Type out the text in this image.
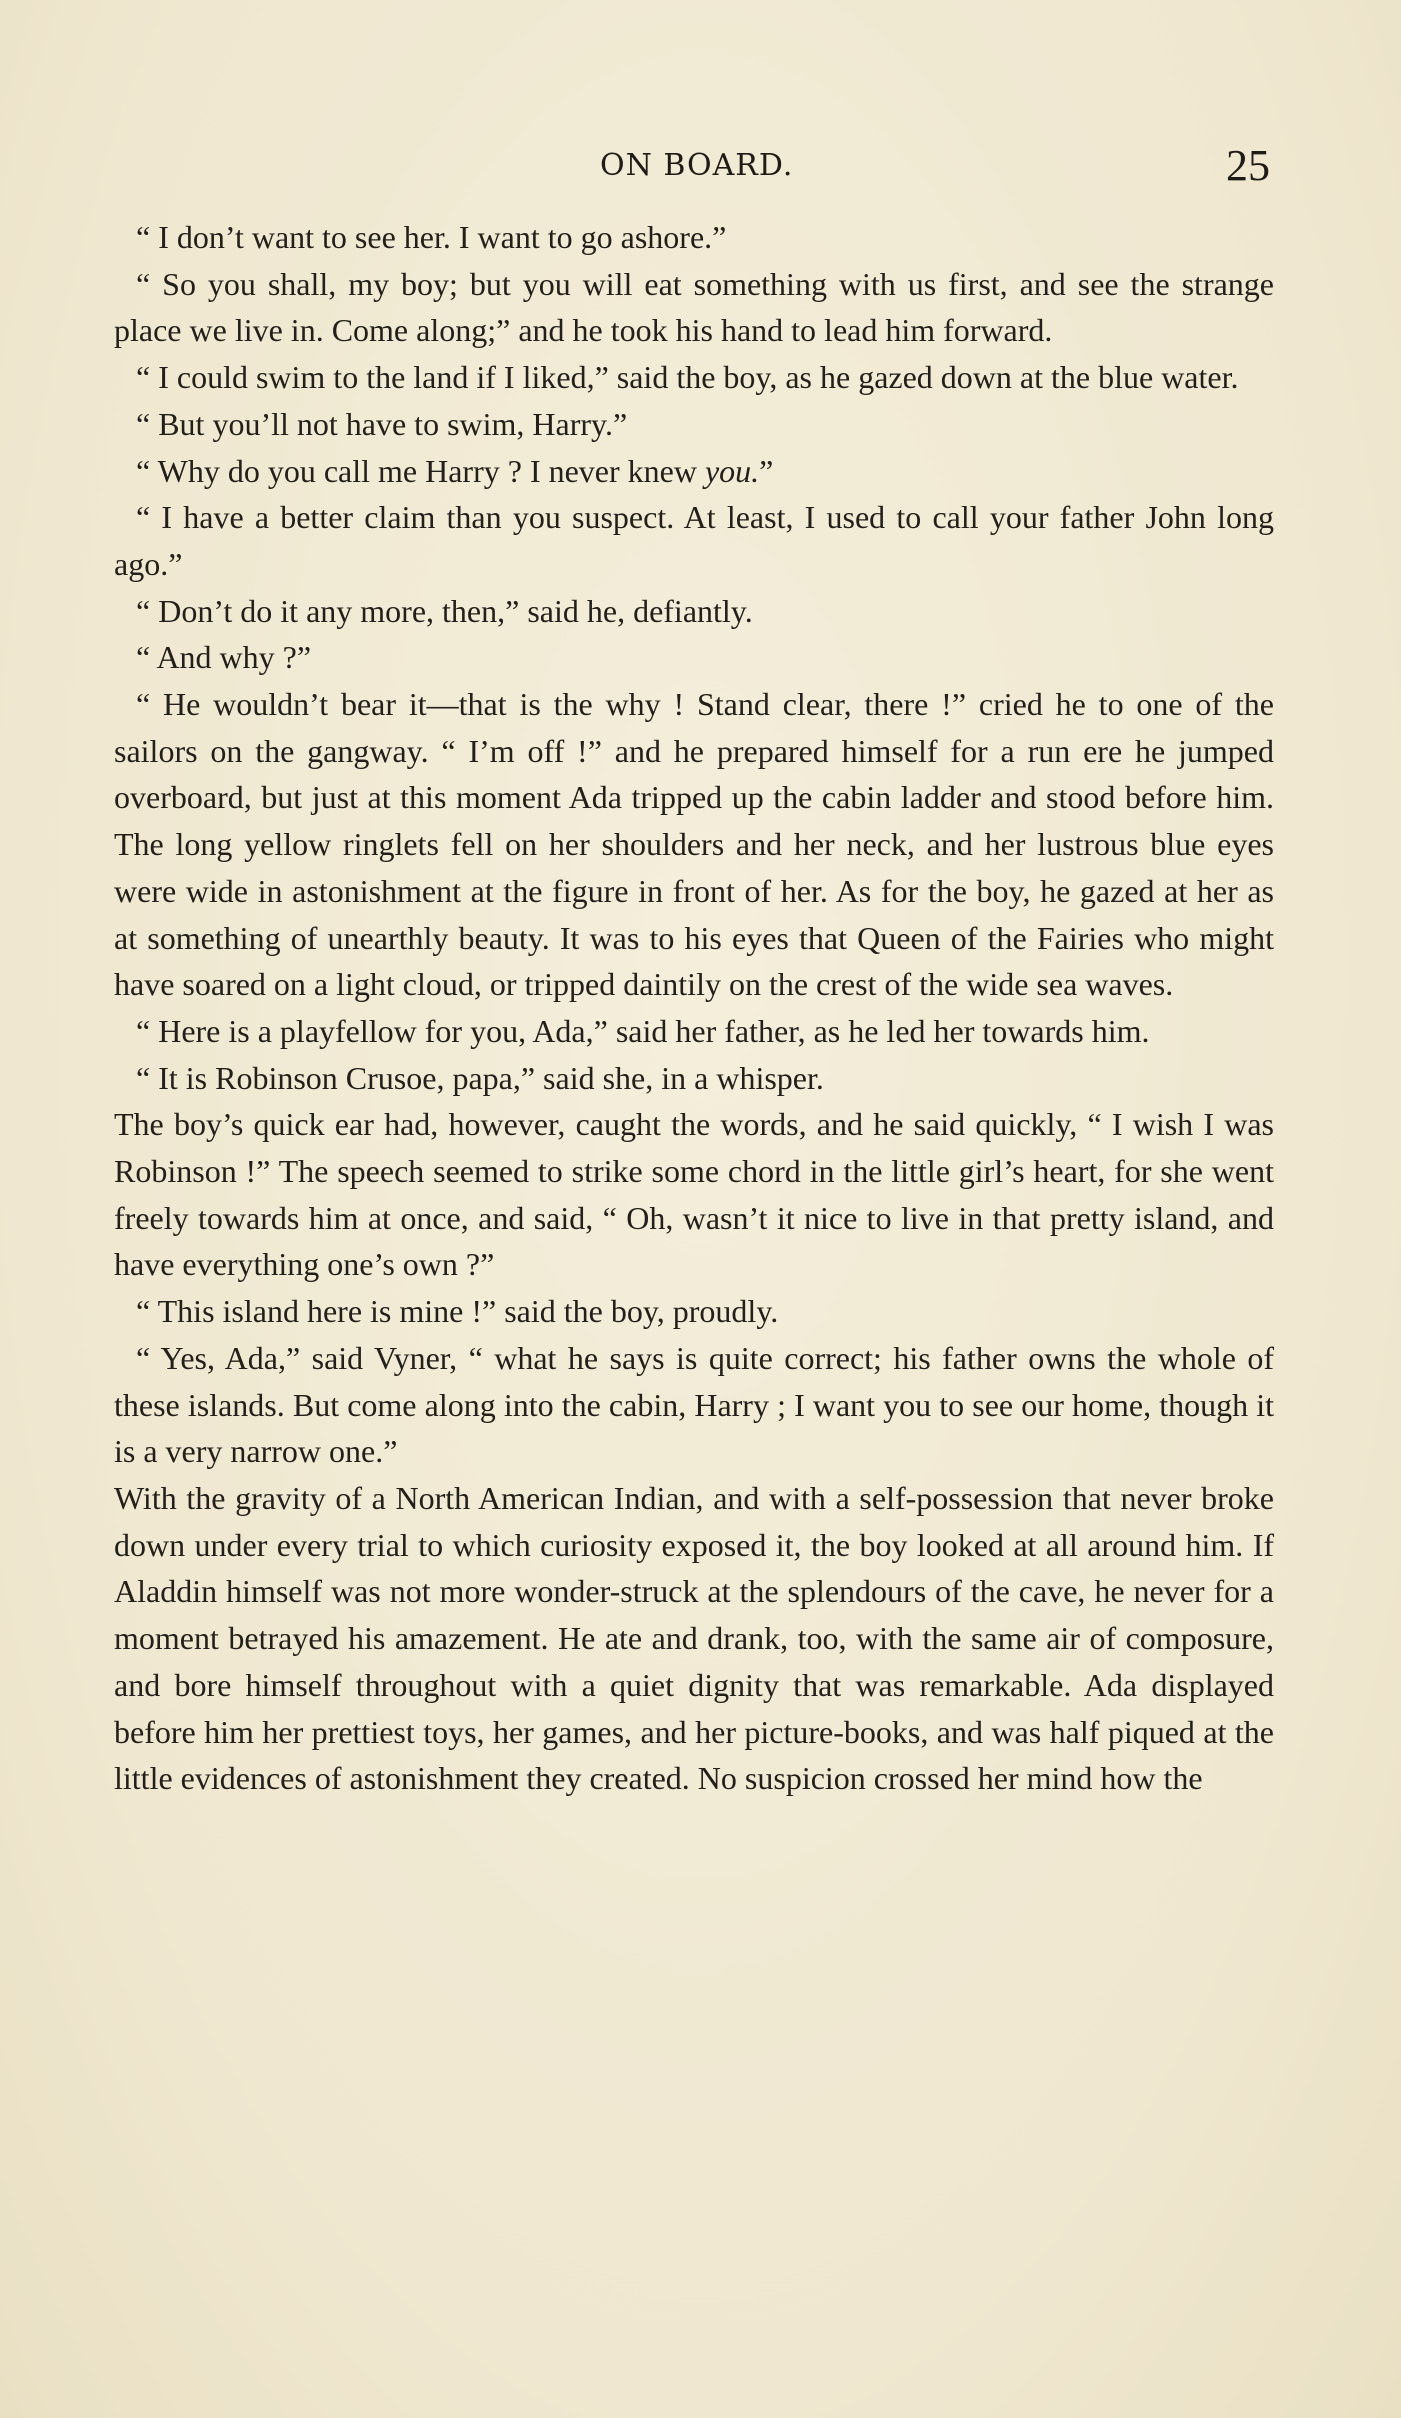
ON BOARD.	25

“ I don’t want to see her. I want to go ashore.”

“ So you shall, my boy; but you will eat something with us first, and see the strange place we live in. Come along;” and he took his hand to lead him forward.

“ I could swim to the land if I liked,” said the boy, as he gazed down at the blue water.

“ But you’ll not have to swim, Harry.”

“ Why do you call me Harry ? I never knew you.”

“ I have a better claim than you suspect. At least, I used to call your father John long ago.”

“ Don’t do it any more, then,” said he, defiantly.

“ And why ?”

“ He wouldn’t bear it—that is the why ! Stand clear, there !” cried he to one of the sailors on the gangway. “ I’m off !” and he prepared himself for a run ere he jumped overboard, but just at this moment Ada tripped up the cabin ladder and stood before him. The long yellow ringlets fell on her shoulders and her neck, and her lustrous blue eyes were wide in astonishment at the figure in front of her. As for the boy, he gazed at her as at something of unearthly beauty. It was to his eyes that Queen of the Fairies who might have soared on a light cloud, or tripped daintily on the crest of the wide sea waves.

“ Here is a playfellow for you, Ada,” said her father, as he led her towards him.

“ It is Robinson Crusoe, papa,” said she, in a whisper.

The boy’s quick ear had, however, caught the words, and he said quickly, “ I wish I was Robinson !” The speech seemed to strike some chord in the little girl’s heart, for she went freely towards him at once, and said, “ Oh, wasn’t it nice to live in that pretty island, and have everything one’s own ?”

“ This island here is mine !” said the boy, proudly.

“ Yes, Ada,” said Vyner, “ what he says is quite correct; his father owns the whole of these islands. But come along into the cabin, Harry ; I want you to see our home, though it is a very narrow one.”

With the gravity of a North American Indian, and with a self-possession that never broke down under every trial to which curiosity exposed it, the boy looked at all around him. If Aladdin himself was not more wonder-struck at the splendours of the cave, he never for a moment betrayed his amazement. He ate and drank, too, with the same air of composure, and bore himself throughout with a quiet dignity that was remarkable. Ada displayed before him her prettiest toys, her games, and her picture-books, and was half piqued at the little evidences of astonishment they created. No suspicion crossed her mind how the
